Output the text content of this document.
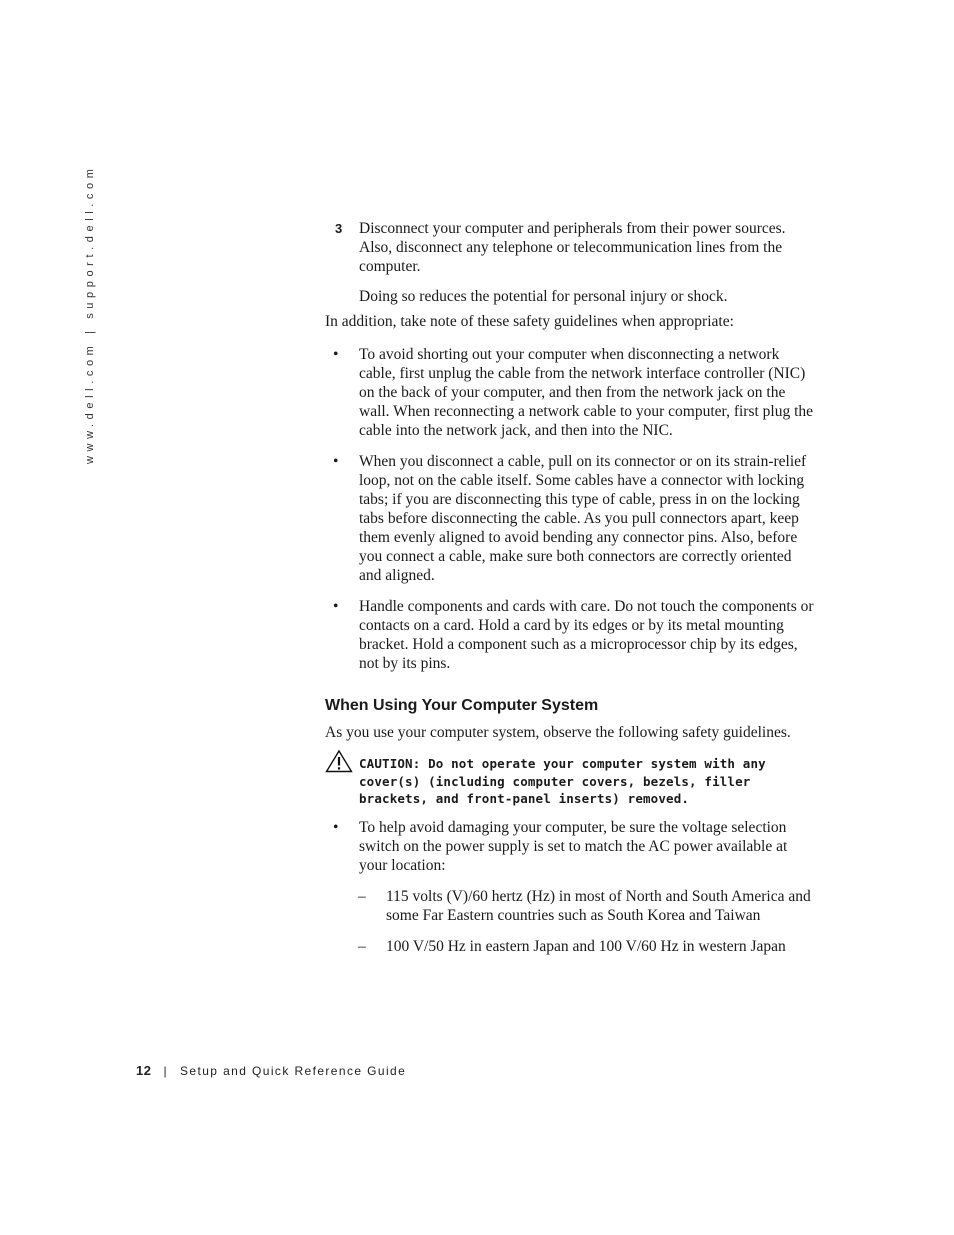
www.dell.com | support.dell.com	3 Disconnect your computer and peripherals from their power sources. Also, disconnect any telephone or telecommunication lines from the computer.
Doing so reduces the potential for personal injury or shock.

In addition, take note of these safety guidelines when appropriate:

• To avoid shorting out your computer when disconnecting a network cable, first unplug the cable from the network interface controller (NIC) on the back of your computer, and then from the network jack on the wall. When reconnecting a network cable to your computer, first plug the cable into the network jack, and then into the NIC.
• When you disconnect a cable, pull on its connector or on its strain-relief loop, not on the cable itself. Some cables have a connector with locking tabs; if you are disconnecting this type of cable, press in on the locking tabs before disconnecting the cable. As you pull connectors apart, keep them evenly aligned to avoid bending any connector pins. Also, before you connect a cable, make sure both connectors are correctly oriented and aligned.
• Handle components and cards with care. Do not touch the components or contacts on a card. Hold a card by its edges or by its metal mounting bracket. Hold a component such as a microprocessor chip by its edges, not by its pins.
When Using Your Computer System

As you use your computer system, observe the following safety guidelines.

CAUTION: Do not operate your computer system with any cover(s) (including computer covers, bezels, filler brackets, and front-panel inserts) removed.
• To help avoid damaging your computer, be sure the voltage selection switch on the power supply is set to match the AC power available at your location:
– 115 volts (V)/60 hertz (Hz) in most of North and South America and some Far Eastern countries such as South Korea and Taiwan
– 100 V/50 Hz in eastern Japan and 100 V/60 Hz in western Japan
12 | Setup and Quick Reference Guide
